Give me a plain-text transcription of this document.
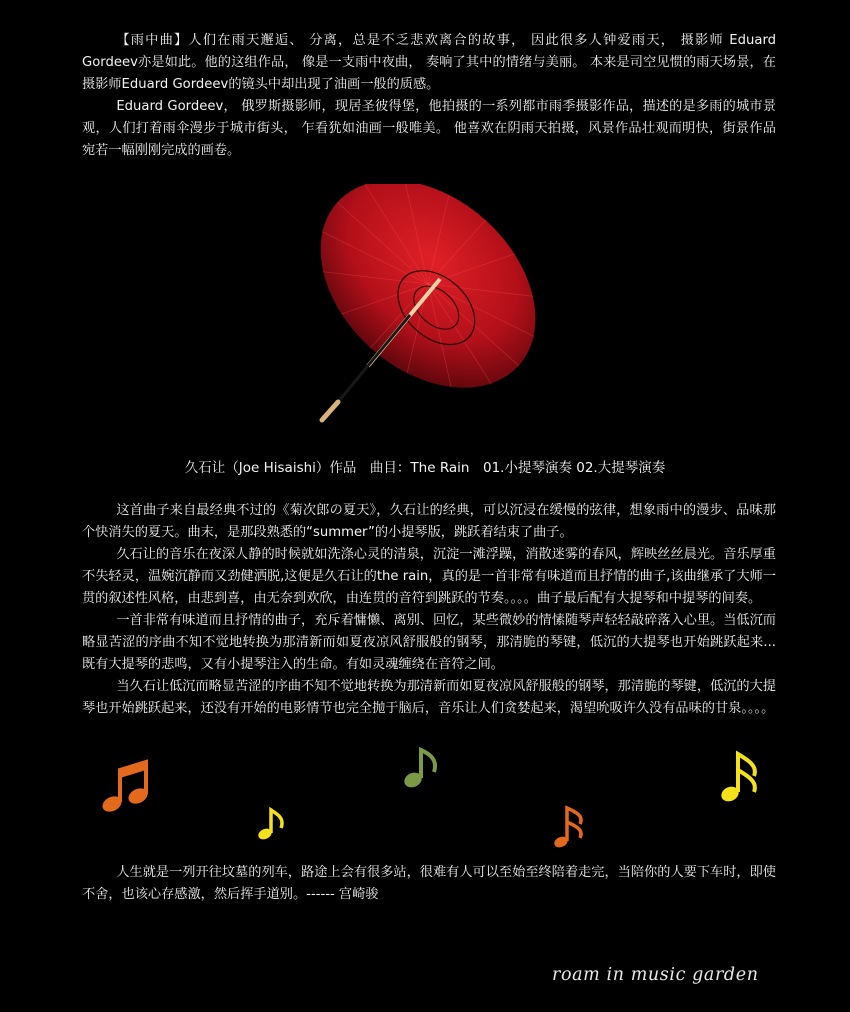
【雨中曲】人们在雨天邂逅、 分离，总是不乏悲欢离合的故事， 因此很多人钟爱雨天， 摄影师 Eduard Gordeev亦是如此。他的这组作品， 像是一支雨中夜曲， 奏响了其中的情绪与美丽。 本来是司空见惯的雨天场景，在摄影师Eduard Gordeev的镜头中却出现了油画一般的质感。

Eduard Gordeev， 俄罗斯摄影师，现居圣彼得堡，他拍摄的一系列都市雨季摄影作品，描述的是多雨的城市景观，人们打着雨伞漫步于城市街头， 乍看犹如油画一般唯美。 他喜欢在阴雨天拍摄，风景作品壮观而明快，街景作品宛若一幅刚刚完成的画卷。

久石让（Joe Hisaishi）作品　曲目：The Rain　01.小提琴演奏 02.大提琴演奏

这首曲子来自最经典不过的《菊次郎の夏天》，久石让的经典，可以沉浸在缓慢的弦律，想象雨中的漫步、品味那个快消失的夏天。曲末，是那段熟悉的“summer”的小提琴版，跳跃着结束了曲子。

久石让的音乐在夜深人静的时候就如洗涤心灵的清泉，沉淀一滩浮躁，消散迷雾的春风，辉映丝丝晨光。音乐厚重不失轻灵，温婉沉静而又劲健洒脱,这便是久石让的the rain，真的是一首非常有味道而且抒情的曲子,该曲继承了大师一贯的叙述性风格，由悲到喜，由无奈到欢欣，由连贯的音符到跳跃的节奏。。。。曲子最后配有大提琴和中提琴的间奏。

一首非常有味道而且抒情的曲子，充斥着慵懒、离别、回忆，某些微妙的情愫随琴声轻轻敲碎落入心里。当低沉而略显苦涩的序曲不知不觉地转换为那清新而如夏夜凉风舒服般的钢琴，那清脆的琴键，低沉的大提琴也开始跳跃起来...既有大提琴的悲鸣，又有小提琴注入的生命。有如灵魂缠绕在音符之间。

当久石让低沉而略显苦涩的序曲不知不觉地转换为那清新而如夏夜凉风舒服般的钢琴，那清脆的琴键，低沉的大提琴也开始跳跃起来，还没有开始的电影情节也完全抛于脑后，音乐让人们贪婪起来，渴望吮吸许久没有品味的甘泉。。。。

人生就是一列开往坟墓的列车，路途上会有很多站，很难有人可以至始至终陪着走完，当陪你的人要下车时，即使不舍，也该心存感激，然后挥手道别。------ 宫崎骏

roam in music garden
